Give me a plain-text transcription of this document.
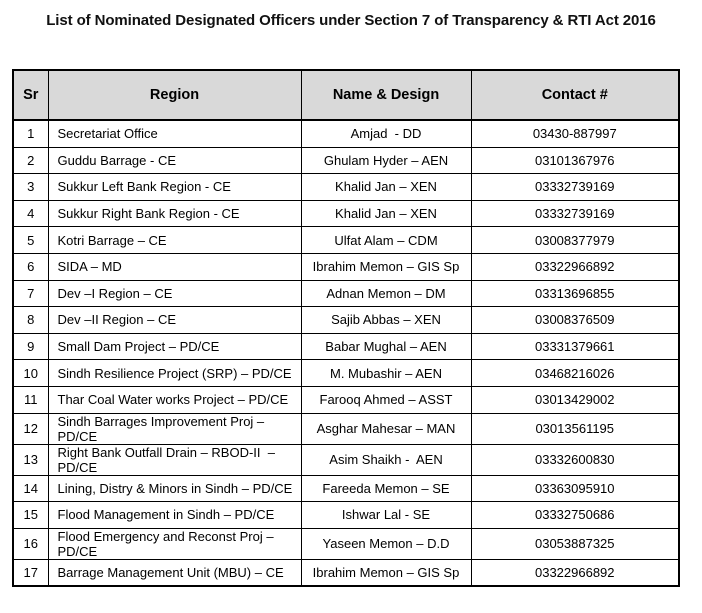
List of Nominated Designated Officers under Section 7 of Transparency & RTI Act 2016
Sr	Region	Name & Design	Contact #
1	Secretariat Office	Amjad  - DD	03430-887997
2	Guddu Barrage - CE	Ghulam Hyder – AEN	03101367976
3	Sukkur Left Bank Region - CE	Khalid Jan – XEN	03332739169
4	Sukkur Right Bank Region - CE	Khalid Jan – XEN	03332739169
5	Kotri Barrage – CE	Ulfat Alam – CDM	03008377979
6	SIDA – MD	Ibrahim Memon – GIS Sp	03322966892
7	Dev –I Region – CE	Adnan Memon – DM	03313696855
8	Dev –II Region – CE	Sajib Abbas – XEN	03008376509
9	Small Dam Project – PD/CE	Babar Mughal – AEN	03331379661
10	Sindh Resilience Project (SRP) – PD/CE	M. Mubashir – AEN	03468216026
11	Thar Coal Water works Project – PD/CE	Farooq Ahmed – ASST	03013429002
12	Sindh Barrages Improvement Proj – PD/CE	Asghar Mahesar – MAN	03013561195
13	Right Bank Outfall Drain – RBOD-II  – PD/CE	Asim Shaikh -  AEN	03332600830
14	Lining, Distry & Minors in Sindh – PD/CE	Fareeda Memon – SE	03363095910
15	Flood Management in Sindh – PD/CE	Ishwar Lal - SE	03332750686
16	Flood Emergency and Reconst Proj – PD/CE	Yaseen Memon – D.D	03053887325
17	Barrage Management Unit (MBU) – CE	Ibrahim Memon – GIS Sp	03322966892
